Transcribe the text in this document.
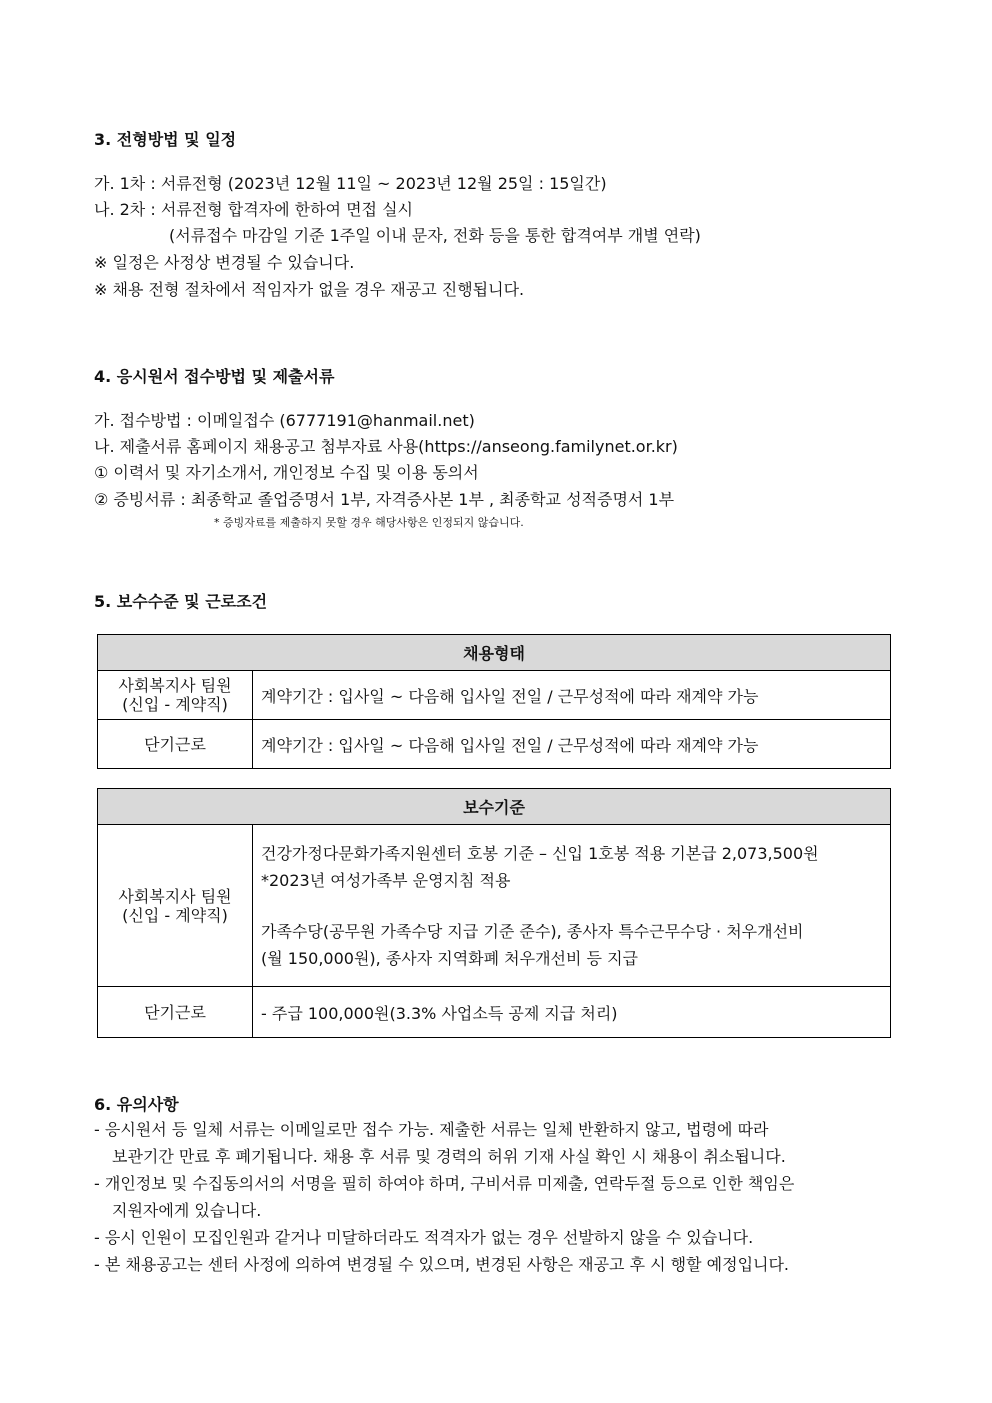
3. 전형방법 및 일정
가. 1차 : 서류전형 (2023년 12월 11일 ~ 2023년 12월 25일 : 15일간)
나. 2차 : 서류전형 합격자에 한하여 면접 실시
(서류접수 마감일 기준 1주일 이내 문자, 전화 등을 통한 합격여부 개별 연락)
※ 일정은 사정상 변경될 수 있습니다.
※ 채용 전형 절차에서 적임자가 없을 경우 재공고 진행됩니다.
4. 응시원서 접수방법 및 제출서류
가. 접수방법 : 이메일접수 (6777191@hanmail.net)
나. 제출서류 홈페이지 채용공고 첨부자료 사용(https://anseong.familynet.or.kr)
① 이력서 및 자기소개서, 개인정보 수집 및 이용 동의서
② 증빙서류 : 최종학교 졸업증명서 1부, 자격증사본 1부 , 최종학교 성적증명서 1부
* 증빙자료를 제출하지 못할 경우 해당사항은 인정되지 않습니다.
5. 보수수준 및 근로조건
채용형태	

사회복지사 팀원
(신입 - 계약직)	계약기간 : 입사일 ~ 다음해 입사일 전일 / 근무성적에 따라 재계약 가능
단기근로	계약기간 : 입사일 ~ 다음해 입사일 전일 / 근무성적에 따라 재계약 가능
보수기준	

사회복지사 팀원
(신입 - 계약직)	건강가정다문화가족지원센터 호봉 기준 – 신입 1호봉 적용 기본급 2,073,500원
*2023년 여성가족부 운영지침 적용
가족수당(공무원 가족수당 지급 기준 준수), 종사자 특수근무수당 · 처우개선비
(월 150,000원), 종사자 지역화폐 처우개선비 등 지급

단기근로	- 주급 100,000원(3.3% 사업소득 공제 지급 처리)
6. 유의사항
- 응시원서 등 일체 서류는 이메일로만 접수 가능. 제출한 서류는 일체 반환하지 않고, 법령에 따라
보관기간 만료 후 폐기됩니다. 채용 후 서류 및 경력의 허위 기재 사실 확인 시 채용이 취소됩니다.
- 개인정보 및 수집동의서의 서명을 필히 하여야 하며, 구비서류 미제출, 연락두절 등으로 인한 책임은
지원자에게 있습니다.
- 응시 인원이 모집인원과 같거나 미달하더라도 적격자가 없는 경우 선발하지 않을 수 있습니다.
- 본 채용공고는 센터 사정에 의하여 변경될 수 있으며, 변경된 사항은 재공고 후 시 행할 예정입니다.
